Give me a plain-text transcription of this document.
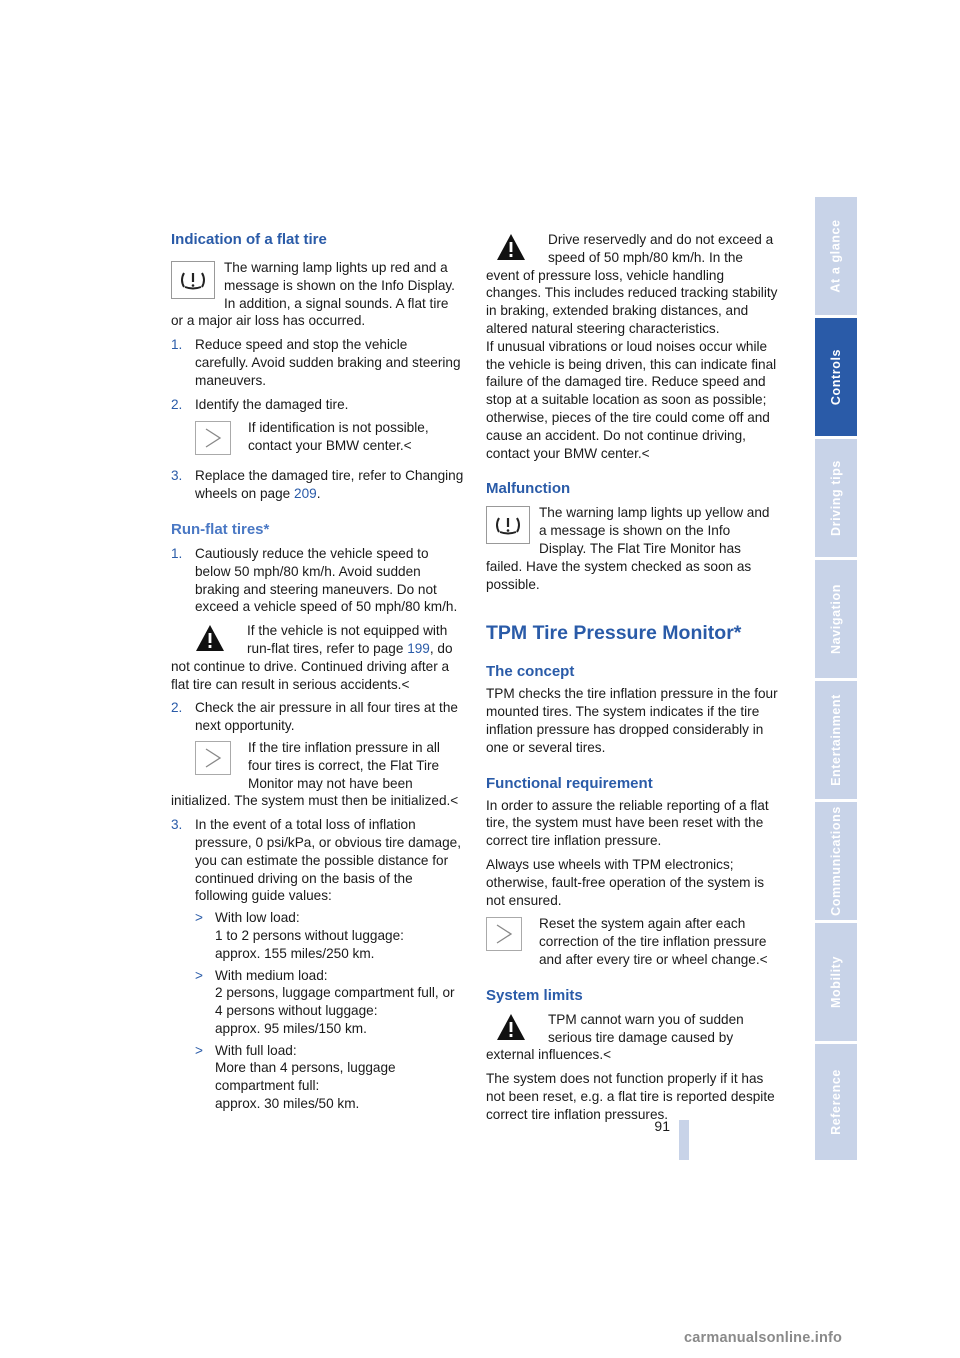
Indication of a flat tire

The warning lamp lights up red and a message is shown on the Info Display. In addition, a signal sounds. A flat tire or a major air loss has occurred.

1. Reduce speed and stop the vehicle carefully. Avoid sudden braking and steering maneuvers.
2. Identify the damaged tire.

If identification is not possible, contact your BMW center.<

3. Replace the damaged tire, refer to Changing wheels on page 209.
Run-flat tires*
1. Cautiously reduce the vehicle speed to below 50 mph/80 km/h. Avoid sudden braking and steering maneuvers. Do not exceed a vehicle speed of 50 mph/80 km/h.

If the vehicle is not equipped with run-flat tires, refer to page 199, do not continue to drive. Continued driving after a flat tire can result in serious accidents.<

2. Check the air pressure in all four tires at the next opportunity.

If the tire inflation pressure in all four tires is correct, the Flat Tire Monitor may not have been initialized. The system must then be initialized.<

3. In the event of a total loss of inflation pressure, 0 psi/kPa, or obvious tire damage, you can estimate the possible distance for continued driving on the basis of the following guide values:
> With low load:
1 to 2 persons without luggage:
approx. 155 miles/250 km.
> With medium load:
2 persons, luggage compartment full, or 4 persons without luggage:
approx. 95 miles/150 km.
> With full load:
More than 4 persons, luggage compartment full:
approx. 30 miles/50 km.

Drive reservedly and do not exceed a speed of 50 mph/80 km/h. In the event of pressure loss, vehicle handling changes. This includes reduced tracking stability in braking, extended braking distances, and altered natural steering characteristics.

If unusual vibrations or loud noises occur while the vehicle is being driven, this can indicate final failure of the damaged tire. Reduce speed and stop at a suitable location as soon as possible; otherwise, pieces of the tire could come off and cause an accident. Do not continue driving, contact your BMW center.<

Malfunction

The warning lamp lights up yellow and a message is shown on the Info Display. The Flat Tire Monitor has failed. Have the system checked as soon as possible.

TPM Tire Pressure Monitor*
The concept

TPM checks the tire inflation pressure in the four mounted tires. The system indicates if the tire inflation pressure has dropped considerably in one or several tires.

Functional requirement

In order to assure the reliable reporting of a flat tire, the system must have been reset with the correct tire inflation pressure.

Always use wheels with TPM electronics; otherwise, fault-free operation of the system is not ensured.

Reset the system again after each correction of the tire inflation pressure and after every tire or wheel change.<

System limits

TPM cannot warn you of sudden serious tire damage caused by external influences.<

The system does not function properly if it has not been reset, e.g. a flat tire is reported despite correct tire inflation pressures.

At a glance
Controls
Driving tips
Navigation
Entertainment
Communications
Mobility
Reference
91
carmanualsonline.info
